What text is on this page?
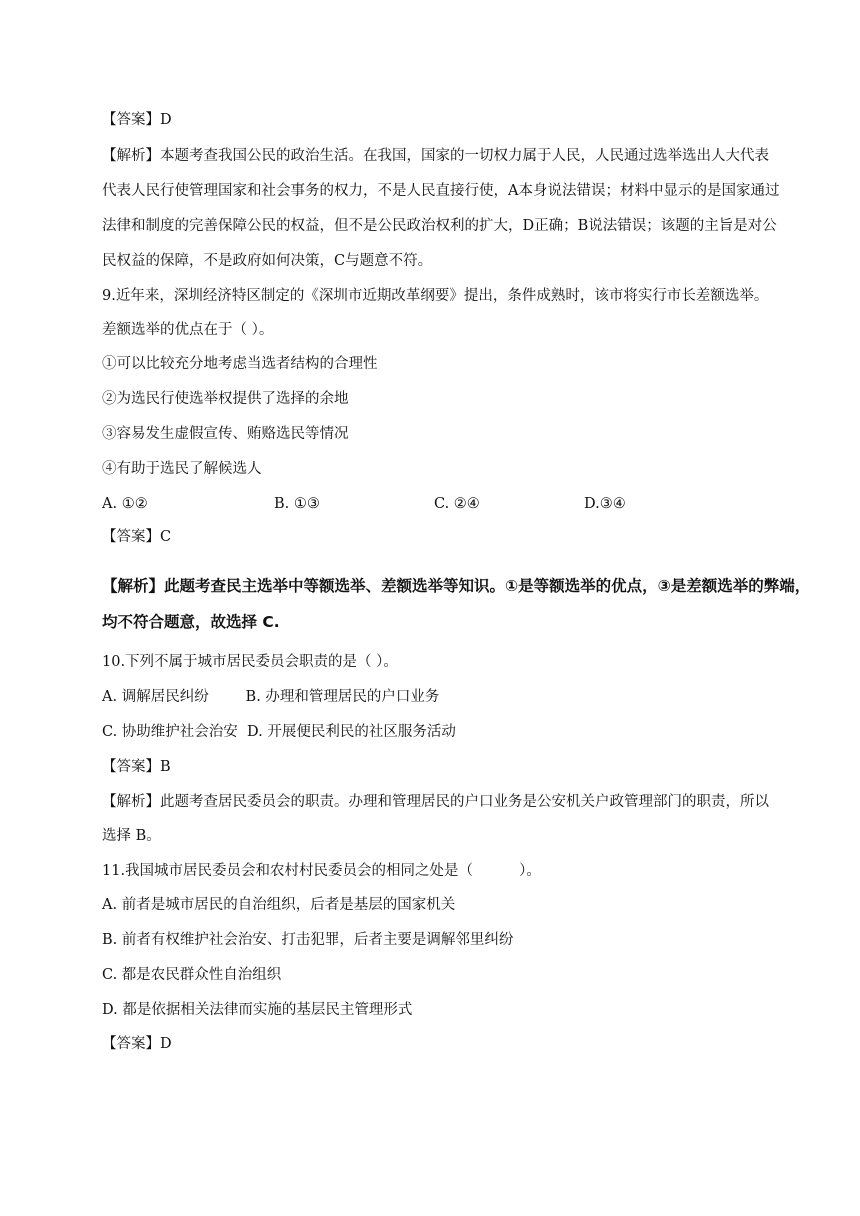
【答案】D
【解析】本题考查我国公民的政治生活。在我国，国家的一切权力属于人民，人民通过选举选出人大代表
代表人民行使管理国家和社会事务的权力，不是人民直接行使，A本身说法错误；材料中显示的是国家通过
法律和制度的完善保障公民的权益，但不是公民政治权利的扩大，D正确；B说法错误；该题的主旨是对公
民权益的保障，不是政府如何决策，C与题意不符。
9.近年来，深圳经济特区制定的《深圳市近期改革纲要》提出，条件成熟时，该市将实行市长差额选举。
差额选举的优点在于（ ）。
①可以比较充分地考虑当选者结构的合理性
②为选民行使选举权提供了选择的余地
③容易发生虚假宣传、贿赂选民等情况
④有助于选民了解候选人
A. ①②	B. ①③	C. ②④	D.③④
【答案】C
【解析】此题考查民主选举中等额选举、差额选举等知识。①是等额选举的优点，③是差额选举的弊端，
均不符合题意，故选择 C.
10.下列不属于城市居民委员会职责的是（ ）。
A. 调解居民纠纷        B. 办理和管理居民的户口业务
C. 协助维护社会治安  D. 开展便民利民的社区服务活动
【答案】B
【解析】此题考查居民委员会的职责。办理和管理居民的户口业务是公安机关户政管理部门的职责，所以
选择 B。
11.我国城市居民委员会和农村村民委员会的相同之处是（          ）。
A. 前者是城市居民的自治组织，后者是基层的国家机关
B. 前者有权维护社会治安、打击犯罪，后者主要是调解邻里纠纷
C. 都是农民群众性自治组织
D. 都是依据相关法律而实施的基层民主管理形式
【答案】D
